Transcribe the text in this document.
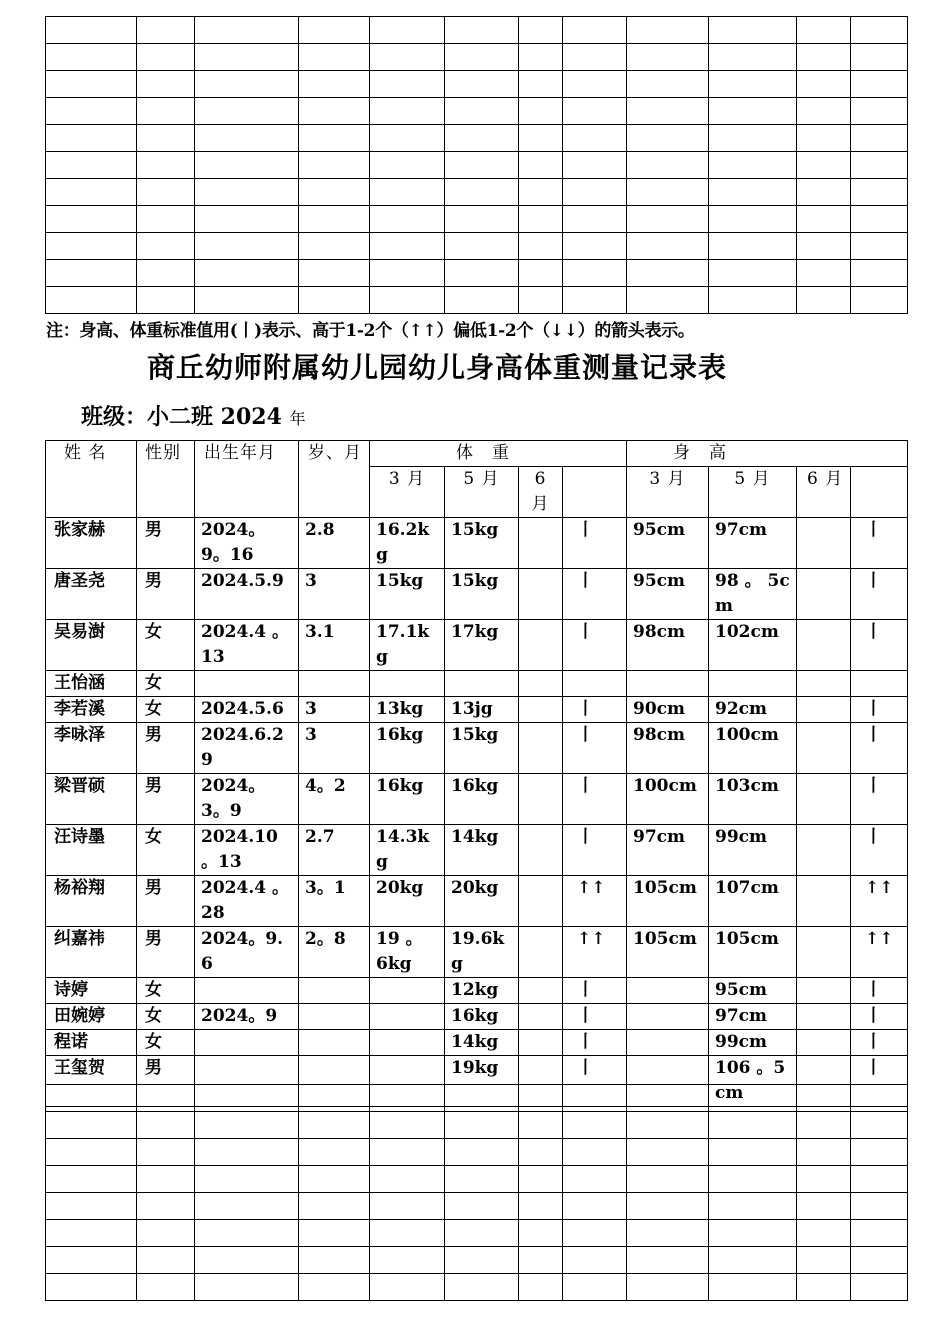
注：身高、体重标准值用(丨)表示、高于1-2个（↑↑）偏低1-2个（↓↓）的箭头表示。
商丘幼师附属幼儿园幼儿身高体重测量记录表
班级：小二班 2024 年
姓 名	性别	出生年月	岁、月	体　重				身　高			
				3 月	5 月	6 月		3 月	5 月	6 月	
张家赫	男	2024。9。16	2.8	16.2kg	15kg		丨	95cm	97cm		丨
唐圣尧	男	2024.5.9	3	15kg	15kg		丨	95cm	98 。 5cm		丨
吴易澍	女	2024.4 。13	3.1	17.1kg	17kg		丨	98cm	102cm		丨
王怡涵	女										
李若溪	女	2024.5.6	3	13kg	13jg		丨	90cm	92cm		丨
李咏泽	男	2024.6.29	3	16kg	15kg		丨	98cm	100cm		丨
梁晋硕	男	2024。3。9	4。2	16kg	16kg		丨	100cm	103cm		丨
汪诗墨	女	2024.10 。13	2.7	14.3kg	14kg		丨	97cm	99cm		丨
杨裕翔	男	2024.4 。28	3。1	20kg	20kg		↑↑	105cm	107cm		↑↑
纠嘉祎	男	2024。9.6	2。8	19 。 6kg	19.6kg		↑↑	105cm	105cm		↑↑
诗婷	女				12kg		丨		95cm		丨
田婉婷	女	2024。9			16kg		丨		97cm		丨
程诺	女				14kg		丨		99cm		丨
王玺贺	男				19kg		丨		106 。5cm		丨
